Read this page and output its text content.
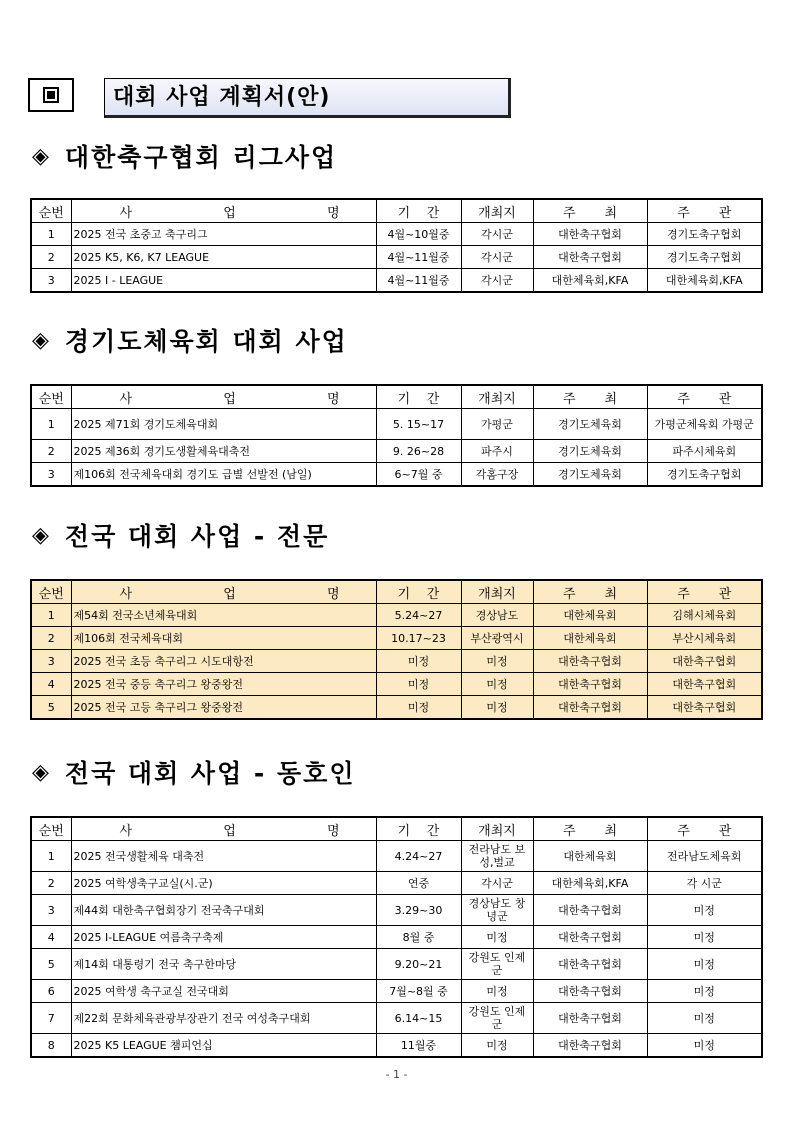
대회 사업 계획서(안)
◈ 대한축구협회 리그사업
순번	사 업 명	기 간	개최지	주 최	주 관
1	2025 전국 초중고 축구리그	4월~10월중	각시군	대한축구협회	경기도축구협회
2	2025 K5, K6, K7 LEAGUE	4월~11월중	각시군	대한축구협회	경기도축구협회
3	2025 I - LEAGUE	4월~11월중	각시군	대한체육회,KFA	대한체육회,KFA
◈ 경기도체육회 대회 사업
순번	사 업 명	기 간	개최지	주 최	주 관
1	2025 제71회 경기도체육대회	5. 15~17	가평군	경기도체육회	가평군체육회 가평군
2	2025 제36회 경기도생활체육대축전	9. 26~28	파주시	경기도체육회	파주시체육회
3	제106회 전국체육대회 경기도 급별 선발전 (남일)	6~7월 중	각홈구장	경기도체육회	경기도축구협회
◈ 전국 대회 사업 - 전문
순번	사 업 명	기 간	개최지	주 최	주 관
1	제54회 전국소년체육대회	5.24~27	경상남도	대한체육회	김해시체육회
2	제106회 전국체육대회	10.17~23	부산광역시	대한체육회	부산시체육회
3	2025 전국 초등 축구리그 시도대항전	미정	미정	대한축구협회	대한축구협회
4	2025 전국 중등 축구리그 왕중왕전	미정	미정	대한축구협회	대한축구협회
5	2025 전국 고등 축구리그 왕중왕전	미정	미정	대한축구협회	대한축구협회
◈ 전국 대회 사업 - 동호인
순번	사 업 명	기 간	개최지	주 최	주 관
1	2025 전국생활체육 대축전	4.24~27	전라남도 보성,벌교	대한체육회	전라남도체육회
2	2025 여학생축구교실(시.군)	연중	각시군	대한체육회,KFA	각 시군
3	제44회 대한축구협회장기 전국축구대회	3.29~30	경상남도 창녕군	대한축구협회	미정
4	2025 I-LEAGUE 여름축구축제	8월 중	미정	대한축구협회	미정
5	제14회 대통령기 전국 축구한마당	9.20~21	강원도 인제군	대한축구협회	미정
6	2025 여학생 축구교실 전국대회	7월~8월 중	미정	대한축구협회	미정
7	제22회 문화체육관광부장관기 전국 여성축구대회	6.14~15	강원도 인제군	대한축구협회	미정
8	2025 K5 LEAGUE 챔피언십	11월중	미정	대한축구협회	미정
- 1 -
